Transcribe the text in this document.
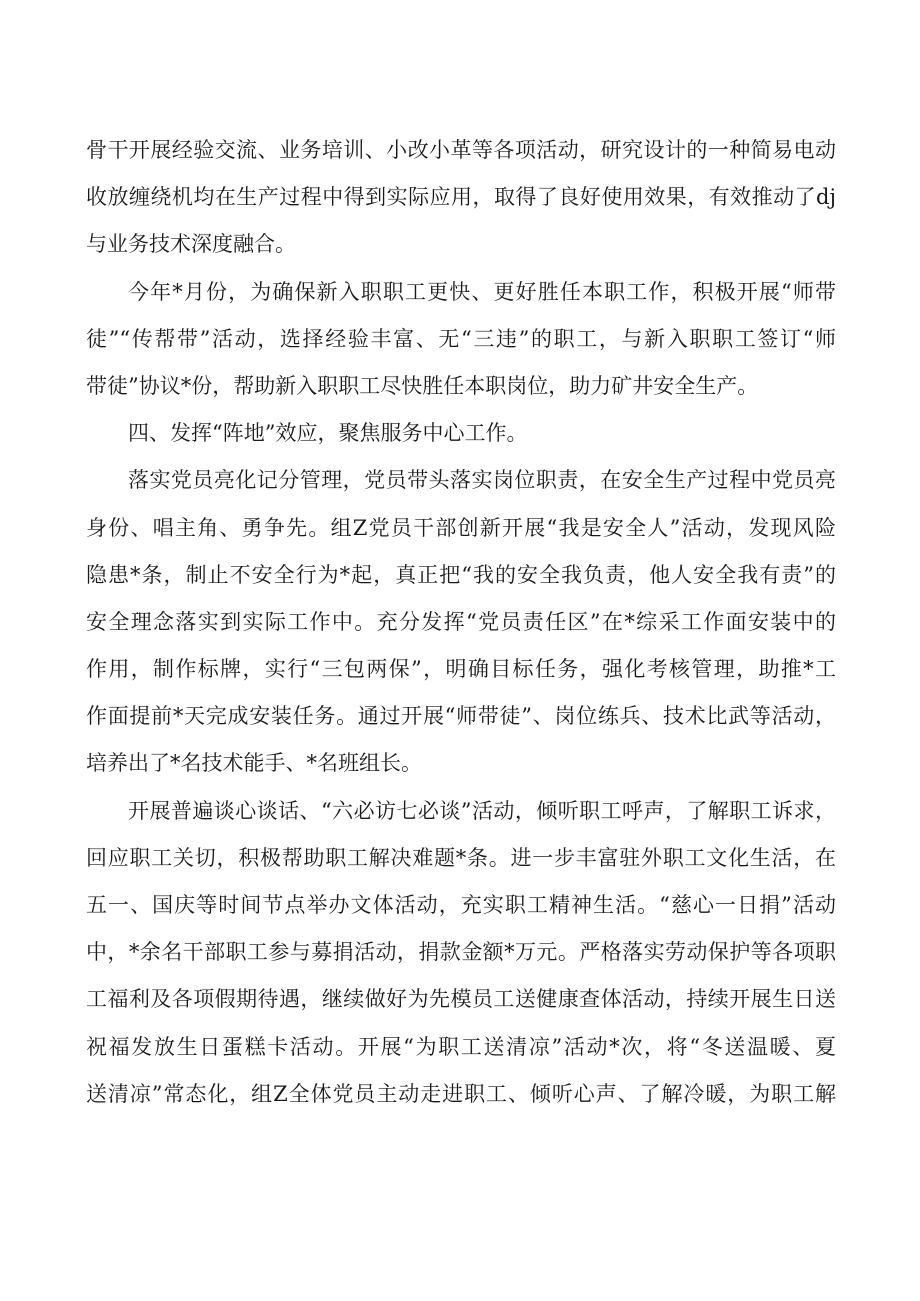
骨干开展经验交流、业务培训、小改小革等各项活动，研究设计的一种简易电动
收放缠绕机均在生产过程中得到实际应用，取得了良好使用效果，有效推动了dj
与业务技术深度融合。
今年*月份，为确保新入职职工更快、更好胜任本职工作，积极开展“师带
徒”“传帮带”活动，选择经验丰富、无“三违”的职工，与新入职职工签订“师
带徒”协议*份，帮助新入职职工尽快胜任本职岗位，助力矿井安全生产。
四、发挥“阵地”效应，聚焦服务中心工作。
落实党员亮化记分管理，党员带头落实岗位职责，在安全生产过程中党员亮
身份、唱主角、勇争先。组Z党员干部创新开展“我是安全人”活动，发现风险
隐患*条，制止不安全行为*起，真正把“我的安全我负责，他人安全我有责”的
安全理念落实到实际工作中。充分发挥“党员责任区”在*综采工作面安装中的
作用，制作标牌，实行“三包两保”，明确目标任务，强化考核管理，助推*工
作面提前*天完成安装任务。通过开展“师带徒”、岗位练兵、技术比武等活动，
培养出了*名技术能手、*名班组长。
开展普遍谈心谈话、“六必访七必谈”活动，倾听职工呼声，了解职工诉求，
回应职工关切，积极帮助职工解决难题*条。进一步丰富驻外职工文化生活，在
五一、国庆等时间节点举办文体活动，充实职工精神生活。“慈心一日捐”活动
中，*余名干部职工参与募捐活动，捐款金额*万元。严格落实劳动保护等各项职
工福利及各项假期待遇，继续做好为先模员工送健康查体活动，持续开展生日送
祝福发放生日蛋糕卡活动。开展“为职工送清凉”活动*次，将“冬送温暖、夏
送清凉”常态化，组Z全体党员主动走进职工、倾听心声、了解冷暖，为职工解
